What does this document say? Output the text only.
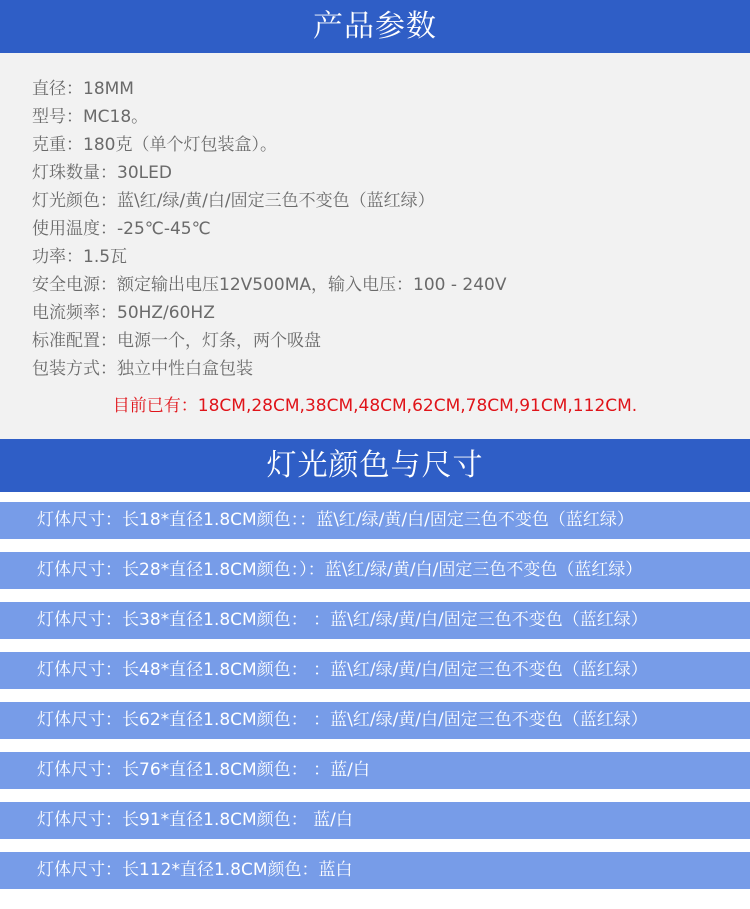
产品参数
直径：18MM
型号：MC18。
克重：180克（单个灯包装盒）。
灯珠数量：30LED
灯光颜色：蓝\红/绿/黄/白/固定三色不变色（蓝红绿）
使用温度：-25℃-45℃
功率：1.5瓦
安全电源：额定输出电压12V500MA，输入电压：100 - 240V
电流频率：50HZ/60HZ
标准配置：电源一个，灯条，两个吸盘
包装方式：独立中性白盒包装
目前已有：18CM,28CM,38CM,48CM,62CM,78CM,91CM,112CM.
灯光颜色与尺寸
灯体尺寸：长18*直径1.8CM颜色：：蓝\红/绿/黄/白/固定三色不变色（蓝红绿）
灯体尺寸：长28*直径1.8CM颜色：）：蓝\红/绿/黄/白/固定三色不变色（蓝红绿）
灯体尺寸：长38*直径1.8CM颜色： ：蓝\红/绿/黄/白/固定三色不变色（蓝红绿）
灯体尺寸：长48*直径1.8CM颜色： ：蓝\红/绿/黄/白/固定三色不变色（蓝红绿）
灯体尺寸：长62*直径1.8CM颜色： ：蓝\红/绿/黄/白/固定三色不变色（蓝红绿）
灯体尺寸：长76*直径1.8CM颜色： ：蓝/白
灯体尺寸：长91*直径1.8CM颜色： 蓝/白
灯体尺寸：长112*直径1.8CM颜色：蓝白
